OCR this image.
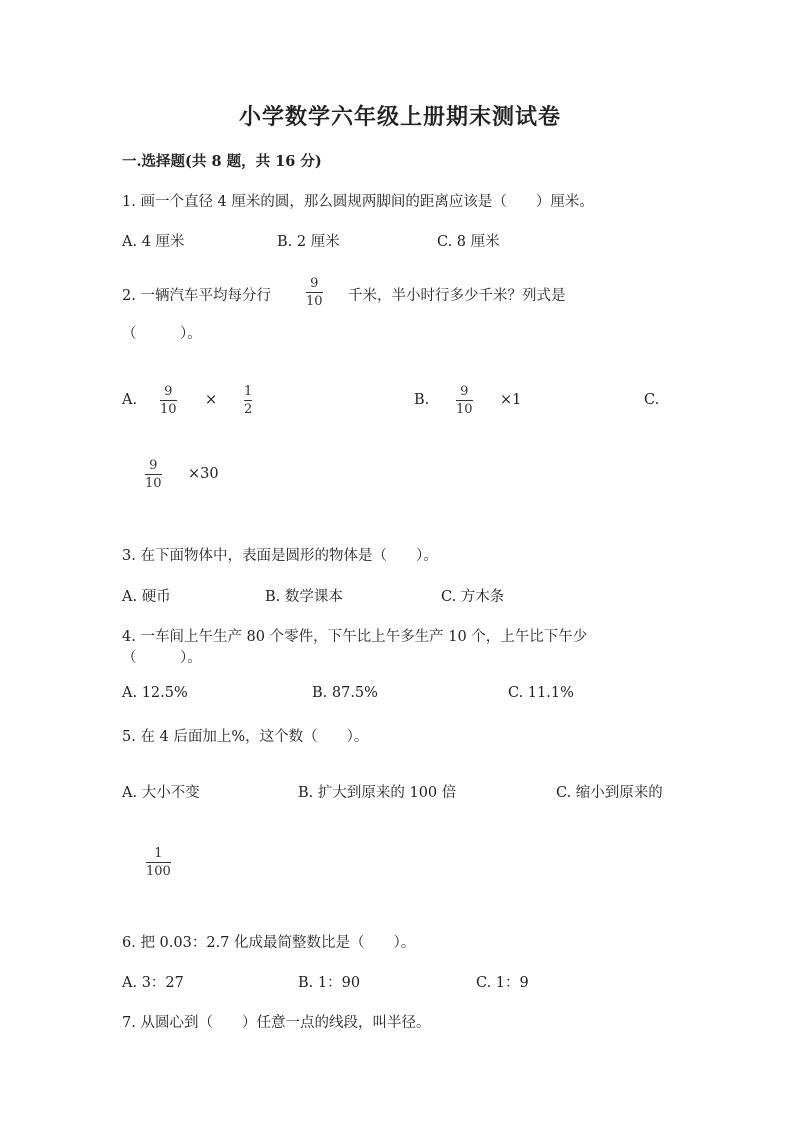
小学数学六年级上册期末测试卷
一.选择题(共 8 题，共 16 分)
1. 画一个直径 4 厘米的圆，那么圆规两脚间的距离应该是（　　）厘米。
A. 4 厘米	B. 2 厘米	C. 8 厘米
2. 一辆汽车平均每分行
9
10 千米，半小时行多少千米？列式是
（　　　）。
A.
9
10
×
1
2
B.
9
10
×1	C.
9
10
×30
3. 在下面物体中，表面是圆形的物体是（　　）。
A. 硬币	B. 数学课本	C. 方木条
4. 一车间上午生产 80 个零件，下午比上午多生产 10 个，上午比下午少
（　　　）。
A. 12.5%	B. 87.5%	C. 11.1%
5. 在 4 后面加上%，这个数（　　）。
A. 大小不变	B. 扩大到原来的 100 倍	C. 缩小到原来的
1
100
6. 把 0.03：2.7 化成最简整数比是（　　）。
A. 3：27	B. 1：90	C. 1：9
7. 从圆心到（　　）任意一点的线段，叫半径。
